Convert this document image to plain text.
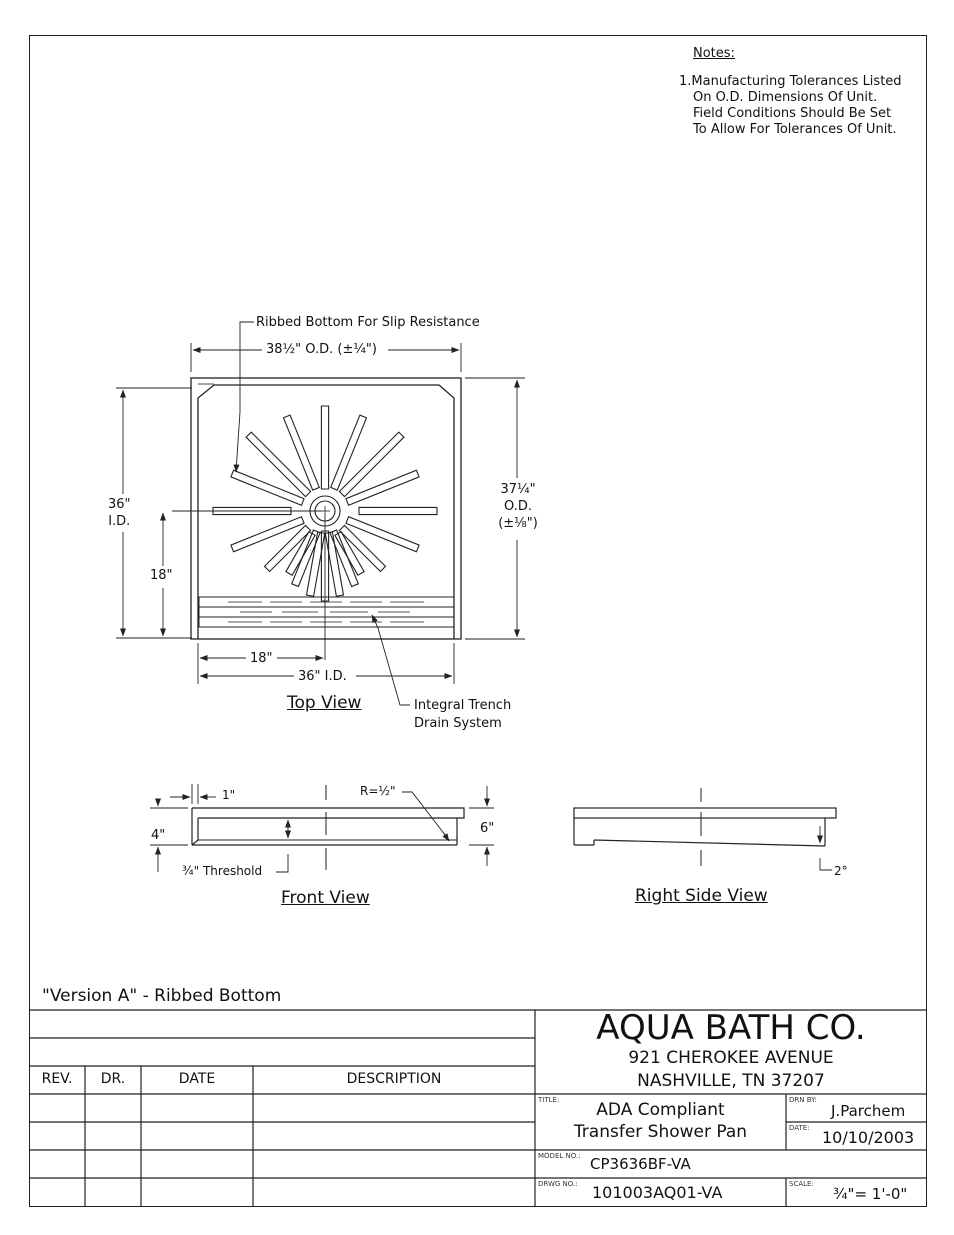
Notes:
1.Manufacturing Tolerances Listed
On O.D. Dimensions Of Unit.
Field Conditions Should Be Set
To Allow For Tolerances Of Unit.
Ribbed Bottom For Slip Resistance
38½" O.D. (±¼")
36"
I.D.
18"
37¼"
O.D.
(±⅛")
18"
36" I.D.
Top View	Integral Trench
Drain System
1"	R=½"
4"	6"
¾" Threshold
Front View
2°
Right Side View
"Version A" - Ribbed Bottom
AQUA BATH CO.
921 CHEROKEE AVENUE
NASHVILLE, TN 37207
REV.	DR.	DATE	DESCRIPTION
TITLE:	ADA Compliant
Transfer Shower Pan
DRN BY:
J.Parchem
DATE: 10/10/2003
MODEL NO.: CP3636BF-VA
DRWG NO.: 101003AQ01-VA	SCALE:
¾"= 1'-0"
